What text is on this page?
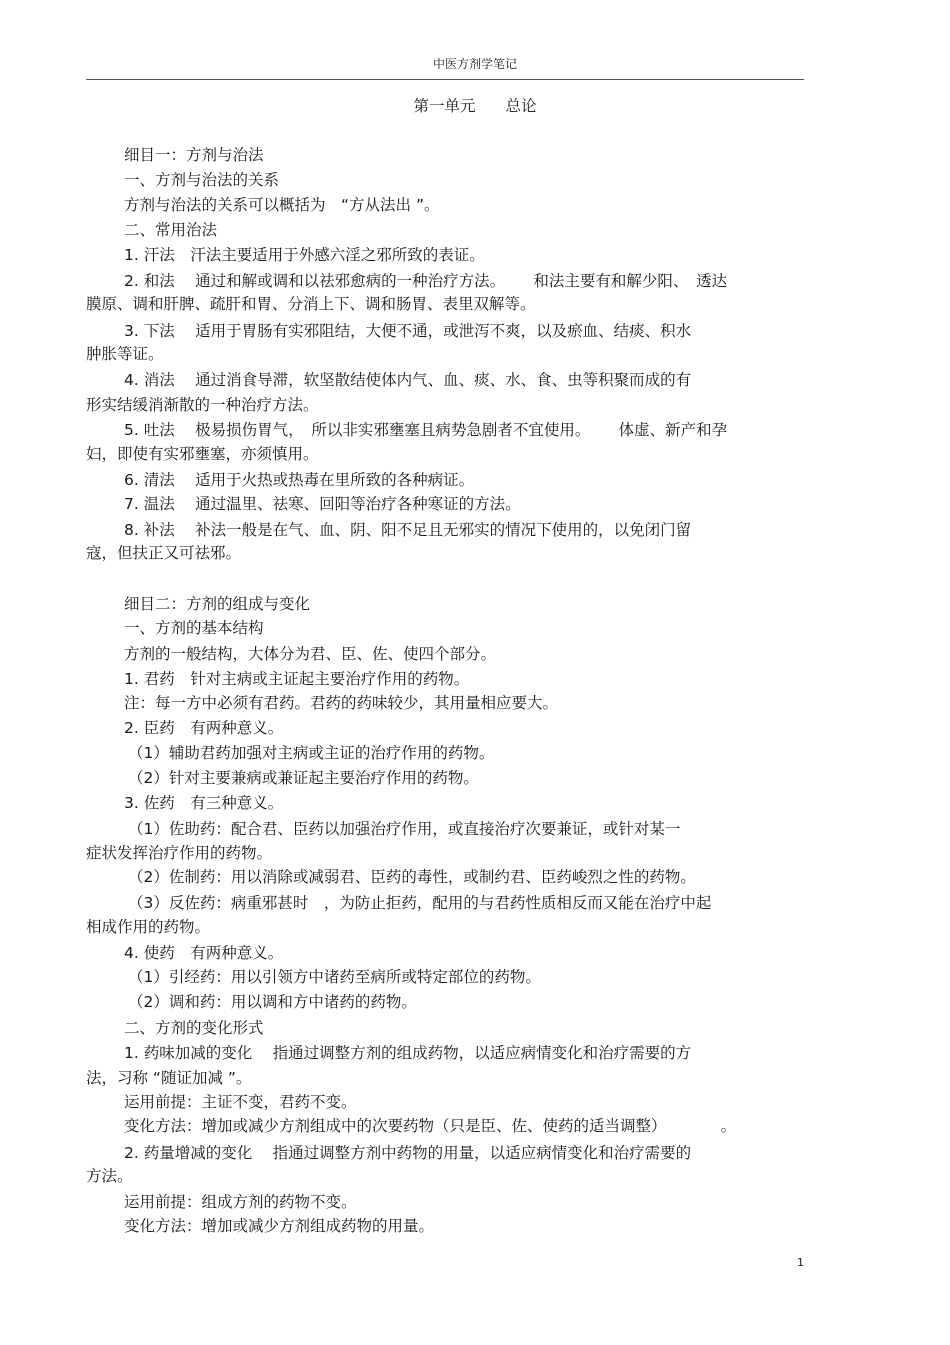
中医方剂学笔记
第一单元 总论
细目一：方剂与治法
一、方剂与治法的关系
方剂与治法的关系可以概括为　“方从法出 ”。
二、常用治法
1. 汗法　汗法主要适用于外感六淫之邪所致的表证。
2. 和法　 通过和解或调和以祛邪愈病的一种治疗方法。　　 和法主要有和解少阳、　透达
膜原、调和肝脾、疏肝和胃、分消上下、调和肠胃、表里双解等。
3. 下法　 适用于胃肠有实邪阻结，大便不通，或泄泻不爽，以及瘀血、结痰、积水
肿胀等证。
4. 消法　 通过消食导滞，软坚散结使体内气、血、痰、水、食、虫等积聚而成的有
形实结缓消渐散的一种治疗方法。
5. 吐法　 极易损伤胃气，　所以非实邪壅塞且病势急剧者不宜使用。　　 体虚、新产和孕
妇，即使有实邪壅塞，亦须慎用。
6. 清法　 适用于火热或热毒在里所致的各种病证。
7. 温法　 通过温里、祛寒、回阳等治疗各种寒证的方法。
8. 补法　 补法一般是在气、血、阴、阳不足且无邪实的情况下使用的，以免闭门留
寇，但扶正又可祛邪。
细目二：方剂的组成与变化
一、方剂的基本结构
方剂的一般结构，大体分为君、臣、佐、使四个部分。
1. 君药　针对主病或主证起主要治疗作用的药物。
注：每一方中必须有君药。君药的药味较少，其用量相应要大。
2. 臣药　有两种意义。
（1）辅助君药加强对主病或主证的治疗作用的药物。
（2）针对主要兼病或兼证起主要治疗作用的药物。
3. 佐药　有三种意义。
（1）佐助药：配合君、臣药以加强治疗作用，或直接治疗次要兼证，或针对某一
症状发挥治疗作用的药物。
（2）佐制药：用以消除或减弱君、臣药的毒性，或制约君、臣药峻烈之性的药物。
（3）反佐药：病重邪甚时　，为防止拒药，配用的与君药性质相反而又能在治疗中起
相成作用的药物。
4. 使药　有两种意义。
（1）引经药：用以引领方中诸药至病所或特定部位的药物。
（2）调和药：用以调和方中诸药的药物。
二、方剂的变化形式
1. 药味加减的变化　 指通过调整方剂的组成药物，以适应病情变化和治疗需要的方
法，习称 “随证加减 ”。
运用前提：主证不变，君药不变。
变化方法：增加或减少方剂组成中的次要药物（只是臣、佐、使药的适当调整）　　　　。
2. 药量增减的变化　 指通过调整方剂中药物的用量，以适应病情变化和治疗需要的
方法。
运用前提：组成方剂的药物不变。
变化方法：增加或减少方剂组成药物的用量。
1
